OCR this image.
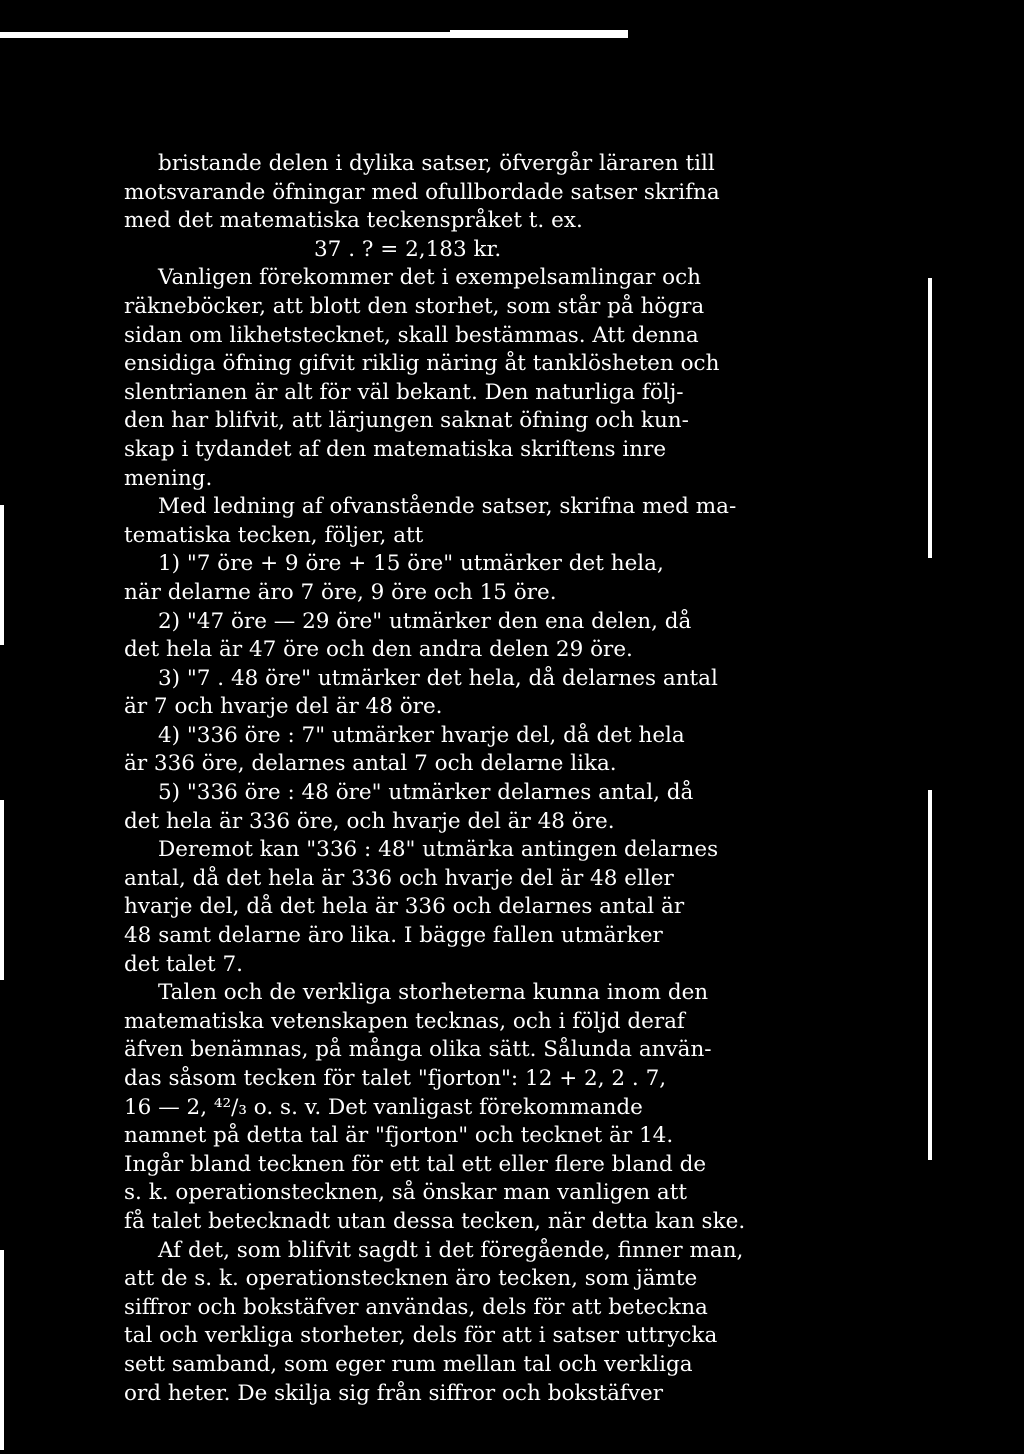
bristande delen i dylika satser, öfvergår läraren till
motsvarande öfningar med ofullbordade satser skrifna
med det matematiska teckenspråket t. ex.
37 . ? = 2,183 kr.
Vanligen förekommer det i exempelsamlingar och
räkneböcker, att blott den storhet, som står på högra
sidan om likhetstecknet, skall bestämmas. Att denna
ensidiga öfning gifvit riklig näring åt tanklösheten och
slentrianen är alt för väl bekant. Den naturliga följ-
den har blifvit, att lärjungen saknat öfning och kun-
skap i tydandet af den matematiska skriftens inre
mening.
Med ledning af ofvanstående satser, skrifna med ma-
tematiska tecken, följer, att
1) "7 öre + 9 öre + 15 öre" utmärker det hela,
när delarne äro 7 öre, 9 öre och 15 öre.
2) "47 öre — 29 öre" utmärker den ena delen, då
det hela är 47 öre och den andra delen 29 öre.
3) "7 . 48 öre" utmärker det hela, då delarnes antal
är 7 och hvarje del är 48 öre.
4) "336 öre : 7" utmärker hvarje del, då det hela
är 336 öre, delarnes antal 7 och delarne lika.
5) "336 öre : 48 öre" utmärker delarnes antal, då
det hela är 336 öre, och hvarje del är 48 öre.
Deremot kan "336 : 48" utmärka antingen delarnes
antal, då det hela är 336 och hvarje del är 48 eller
hvarje del, då det hela är 336 och delarnes antal är
48 samt delarne äro lika. I bägge fallen utmärker
det talet 7.
Talen och de verkliga storheterna kunna inom den
matematiska vetenskapen tecknas, och i följd deraf
äfven benämnas, på många olika sätt. Sålunda använ-
das såsom tecken för talet "fjorton": 12 + 2, 2 . 7,
16 — 2, ⁴²/₃ o. s. v. Det vanligast förekommande
namnet på detta tal är "fjorton" och tecknet är 14.
Ingår bland tecknen för ett tal ett eller flere bland de
s. k. operationstecknen, så önskar man vanligen att
få talet betecknadt utan dessa tecken, när detta kan ske.
Af det, som blifvit sagdt i det föregående, finner man,
att de s. k. operationstecknen äro tecken, som jämte
siffror och bokstäfver användas, dels för att beteckna
tal och verkliga storheter, dels för att i satser uttrycka
sett samband, som eger rum mellan tal och verkliga
ord heter. De skilja sig från siffror och bokstäfver
